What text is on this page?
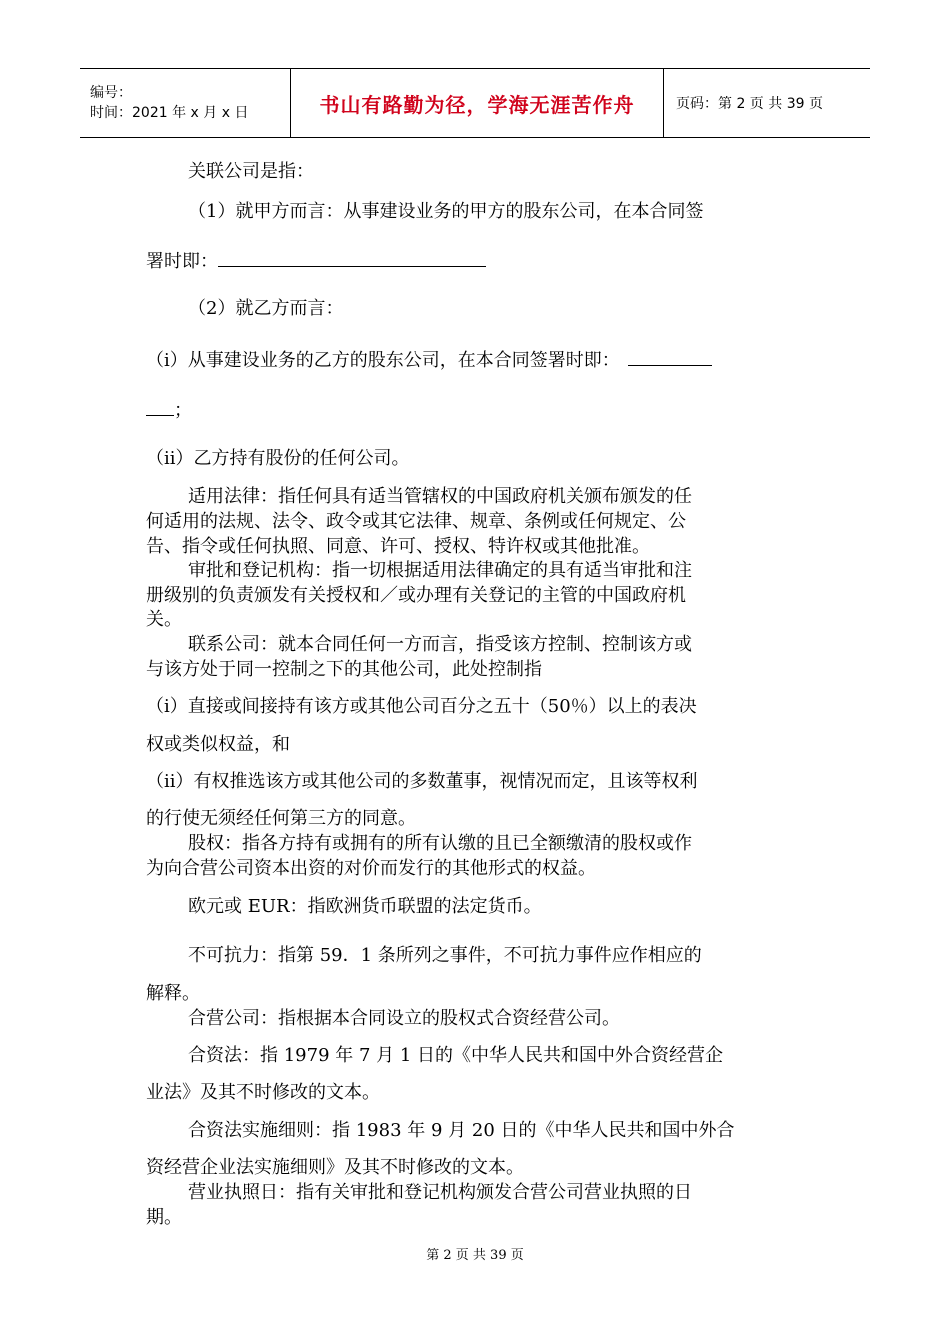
编号：
时间：2021 年 x 月 x 日	书山有路勤为径，学海无涯苦作舟	页码：第 2 页 共 39 页
关联公司是指：
（1）就甲方而言：从事建设业务的甲方的股东公司，在本合同签
署时即：
（2）就乙方而言：
（i）从事建设业务的乙方的股东公司，在本合同签署时即：
；
（ii）乙方持有股份的任何公司。
适用法律：指任何具有适当管辖权的中国政府机关颁布颁发的任
何适用的法规、法令、政令或其它法律、规章、条例或任何规定、公
告、指令或任何执照、同意、许可、授权、特许权或其他批准。
审批和登记机构：指一切根据适用法律确定的具有适当审批和注
册级别的负责颁发有关授权和／或办理有关登记的主管的中国政府机
关。
联系公司：就本合同任何一方而言，指受该方控制、控制该方或
与该方处于同一控制之下的其他公司，此处控制指
（i）直接或间接持有该方或其他公司百分之五十（50％）以上的表决
权或类似权益，和
（ii）有权推选该方或其他公司的多数董事，视情况而定，且该等权利
的行使无须经任何第三方的同意。
股权：指各方持有或拥有的所有认缴的且已全额缴清的股权或作
为向合营公司资本出资的对价而发行的其他形式的权益。
欧元或 EUR：指欧洲货币联盟的法定货币。
不可抗力：指第 59．1 条所列之事件，不可抗力事件应作相应的
解释。
合营公司：指根据本合同设立的股权式合资经营公司。
合资法：指 1979 年 7 月 1 日的《中华人民共和国中外合资经营企
业法》及其不时修改的文本。
合资法实施细则：指 1983 年 9 月 20 日的《中华人民共和国中外合
资经营企业法实施细则》及其不时修改的文本。
营业执照日：指有关审批和登记机构颁发合营公司营业执照的日
期。
第 2 页 共 39 页
